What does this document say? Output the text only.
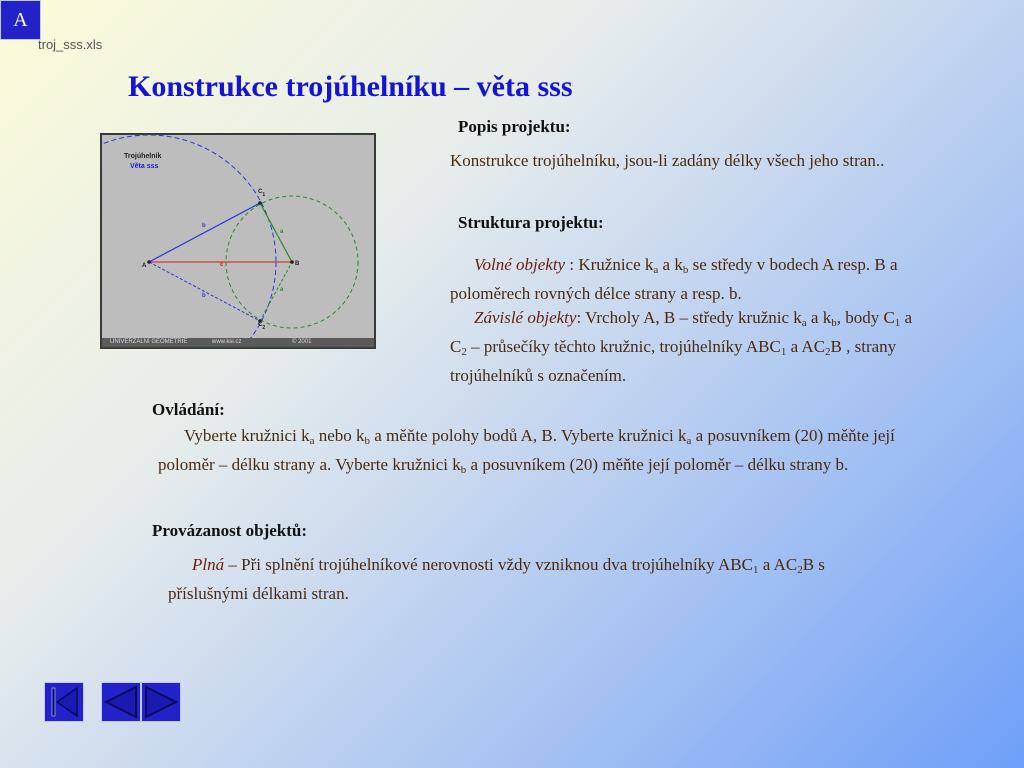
troj_sss.xls
Konstrukce trojúhelníku – věta sss
Trojúhelník
Věta sss
A	B
$C_1$
$C_2$
b
a
c
b
a
UNIVERZÁLNÍ GEOMETRIE	www.ksi.cz	© 2001
Popis projektu:
Konstrukce trojúhelníku, jsou-li zadány délky všech jeho stran..
Struktura projektu:
Volné objekty : Kružnice $k_a$ a $k_b$ se středy v bodech A resp. B a poloměrech rovných délce strany a resp. b.
Závislé objekty: Vrcholy A, B – středy kružnic $k_a$ a $k_b$, body $C_1$ a $C_2$ – průsečíky těchto kružnic, trojúhelníky $ABC_1$ a $AC_2B$ , strany trojúhelníků s označením.
Ovládání:
Vyberte kružnici $k_a$ nebo $k_b$ a měňte polohy bodů A, B. Vyberte kružnici $k_a$ a posuvníkem (20) měňte její poloměr – délku strany a. Vyberte kružnici $k_b$ a posuvníkem (20) měňte její poloměr – délku strany b.
Provázanost objektů:
Plná – Při splnění trojúhelníkové nerovnosti vždy vzniknou dva trojúhelníky $ABC_1$ a $AC_2B$ s příslušnými délkami stran.
A
